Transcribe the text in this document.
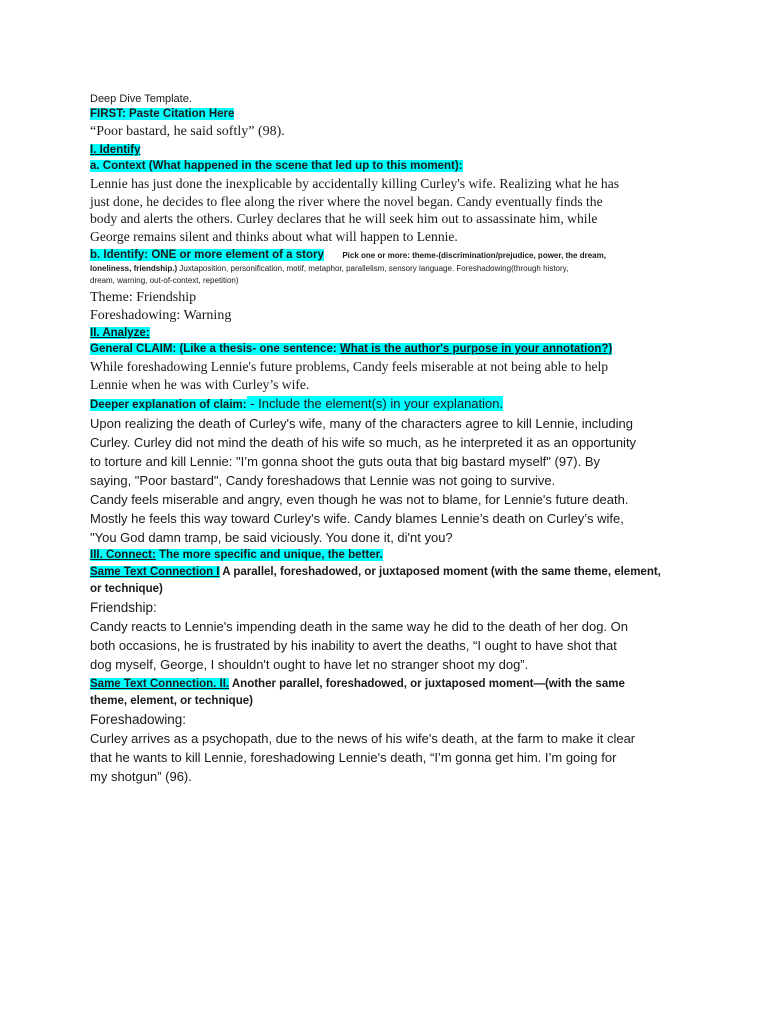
Deep Dive Template.
FIRST: Paste Citation Here
“Poor bastard, he said softly” (98).
I. Identify
a. Context (What happened in the scene that led up to this moment):
Lennie has just done the inexplicable by accidentally killing Curley's wife. Realizing what he has
just done, he decides to flee along the river where the novel began. Candy eventually finds the
body and alerts the others. Curley declares that he will seek him out to assassinate him, while
George remains silent and thinks about what will happen to Lennie.
b. Identify: ONE or more element of a story Pick one or more: theme-(discrimination/prejudice, power, the dream,
loneliness, friendship.) Juxtaposition, personification, motif, metaphor, parallelism, sensory language. Foreshadowing(through history,
dream, warning, out-of-context, repetition)
Theme: Friendship
Foreshadowing: Warning
II. Analyze:
General CLAIM: (Like a thesis- one sentence: What is the author's purpose in your annotation?)
While foreshadowing Lennie's future problems, Candy feels miserable at not being able to help
Lennie when he was with Curley’s wife.
Deeper explanation of claim: - Include the element(s) in your explanation.
Upon realizing the death of Curley's wife, many of the characters agree to kill Lennie, including
Curley. Curley did not mind the death of his wife so much, as he interpreted it as an opportunity
to torture and kill Lennie: "I’m gonna shoot the guts outa that big bastard myself" (97). By
saying, "Poor bastard", Candy foreshadows that Lennie was not going to survive.
Candy feels miserable and angry, even though he was not to blame, for Lennie's future death.
Mostly he feels this way toward Curley's wife. Candy blames Lennie’s death on Curley’s wife,
"You God damn tramp, be said viciously. You done it, di'nt you?
III. Connect: The more specific and unique, the better.
Same Text Connection I A parallel, foreshadowed, or juxtaposed moment (with the same theme, element,
or technique)
Friendship:
Candy reacts to Lennie's impending death in the same way he did to the death of her dog. On
both occasions, he is frustrated by his inability to avert the deaths, “I ought to have shot that
dog myself, George, I shouldn't ought to have let no stranger shoot my dog”.
Same Text Connection. II. Another parallel, foreshadowed, or juxtaposed moment—(with the same
theme, element, or technique)
Foreshadowing:
Curley arrives as a psychopath, due to the news of his wife's death, at the farm to make it clear
that he wants to kill Lennie, foreshadowing Lennie's death, “I’m gonna get him. I’m going for
my shotgun” (96).
